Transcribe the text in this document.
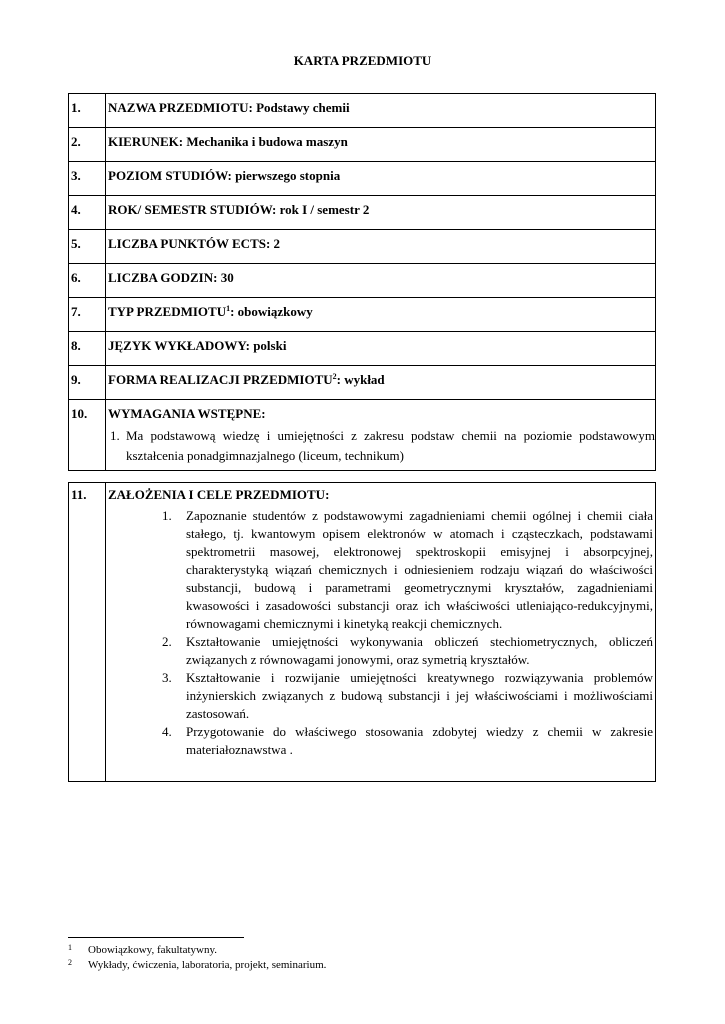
KARTA PRZEDMIOTU
1.	NAZWA PRZEDMIOTU: Podstawy chemii

2.	KIERUNEK: Mechanika i budowa maszyn

3.	POZIOM STUDIÓW: pierwszego stopnia

4.	ROK/ SEMESTR STUDIÓW: rok I / semestr 2

5.	LICZBA PUNKTÓW ECTS: 2

6.	LICZBA GODZIN: 30

7.	TYP PRZEDMIOTU$^1$: obowiązkowy

8.	JĘZYK WYKŁADOWY: polski

9.	FORMA REALIZACJI PRZEDMIOTU$^2$: wykład

10.	WYMAGANIA WSTĘPNE:
1. Ma podstawową wiedzę i umiejętności z zakresu podstaw chemii na poziomie podstawowym kształcenia ponadgimnazjalnego (liceum, technikum)
11.	ZAŁOŻENIA I CELE PRZEDMIOTU:
1. Zapoznanie studentów z podstawowymi zagadnieniami chemii ogólnej i chemii ciała stałego, tj. kwantowym opisem elektronów w atomach i cząsteczkach, podstawami spektrometrii masowej, elektronowej spektroskopii emisyjnej i absorpcyjnej, charakterystyką wiązań chemicznych i odniesieniem rodzaju wiązań do właściwości substancji, budową i parametrami geometrycznymi kryształów, zagadnieniami kwasowości i zasadowości substancji oraz ich właściwości utleniająco-redukcyjnymi, równowagami chemicznymi i kinetyką reakcji chemicznych.
2. Kształtowanie umiejętności wykonywania obliczeń stechiometrycznych, obliczeń związanych z równowagami jonowymi, oraz symetrią kryształów.
3. Kształtowanie i rozwijanie umiejętności kreatywnego rozwiązywania problemów inżynierskich związanych z budową substancji i jej właściwościami i możliwościami zastosowań.
4. Przygotowanie do właściwego stosowania zdobytej wiedzy z chemii w zakresie materiałoznawstwa .
1 Obowiązkowy, fakultatywny.
2 Wykłady, ćwiczenia, laboratoria, projekt, seminarium.
